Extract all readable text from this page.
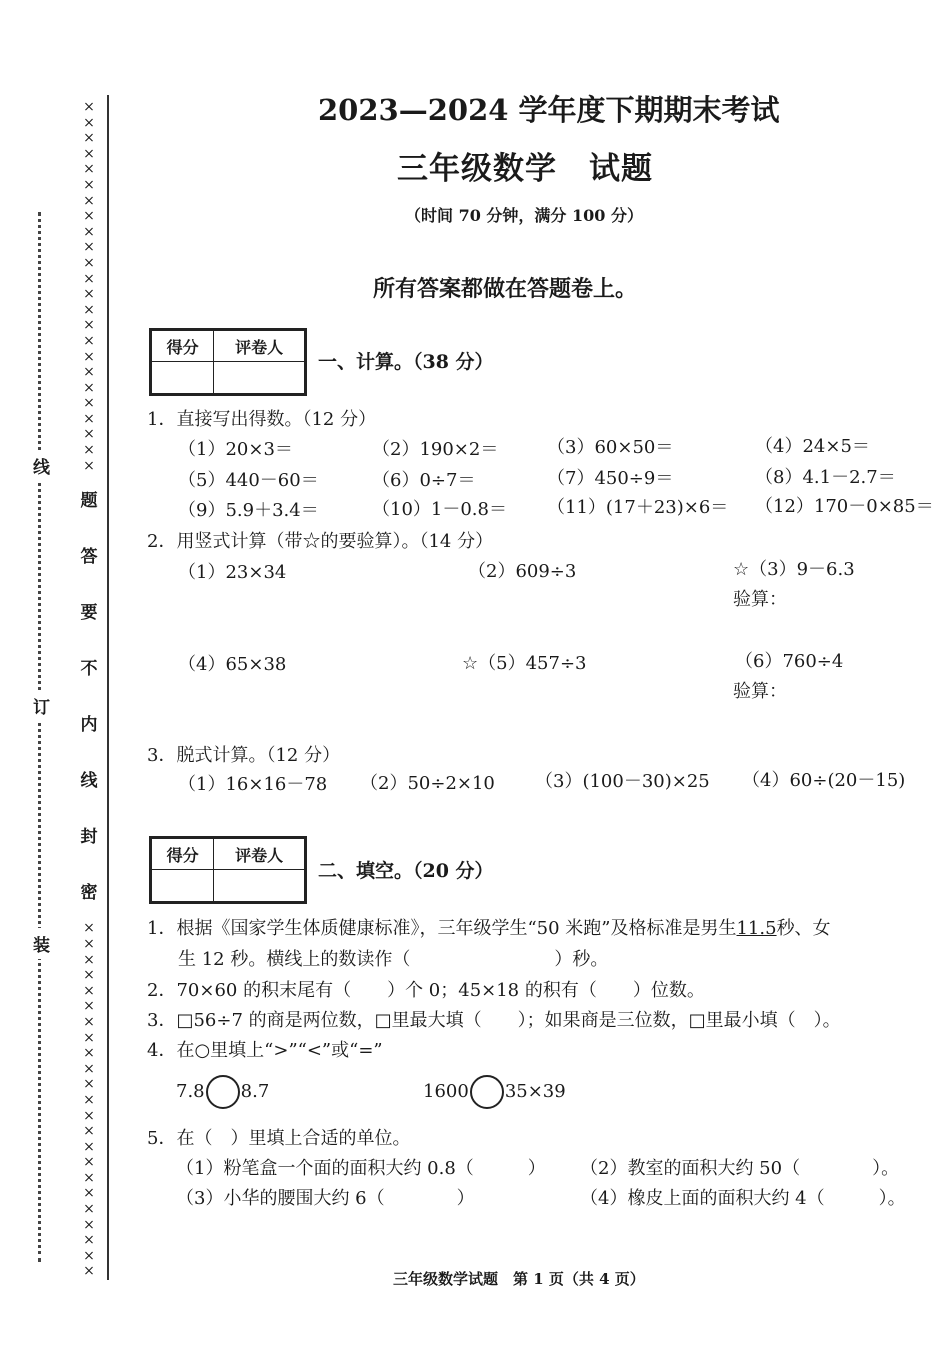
线
订
装
×
×
×
×
×
×
×
×
×
×
×
×
×
×
×
×
×
×
×
×
×
×
×
×
题
答
要
不
内
线
封
密
×
×
×
×
×
×
×
×
×
×
×
×
×
×
×
×
×
×
×
×
×
×
×
2023—2024 学年度下期期末考试
三年级数学　试题
（时间 70 分钟，满分 100 分）
所有答案都做在答题卷上。
得分	评卷人

一、计算。（38 分）
1．直接写出得数。（12 分）
（1）20×3＝	（2）190×2＝	（3）60×50＝	（4）24×5＝
（5）440－60＝	（6）0÷7＝	（7）450÷9＝	（8）4.1－2.7＝
（9）5.9＋3.4＝	（10）1－0.8＝ （11）(17＋23)×6＝ （12）170－0×85＝
2．用竖式计算（带☆的要验算）。（14 分）
（1）23×34	（2）609÷3	☆（3）9－6.3
验算：
（4）65×38	☆（5）457÷3	（6）760÷4
验算：
3．脱式计算。（12 分）
（1）16×16－78 （2）50÷2×10 （3）(100－30)×25 （4）60÷(20－15)
得分	评卷人

二、填空。（20 分）
1．根据《国家学生体质健康标准》，三年级学生“50 米跑”及格标准是男生11.5秒、女
生 12 秒。横线上的数读作（　　　　　　　　）秒。
2．70×60 的积末尾有（　　）个 0；45×18 的积有（　　）位数。
3．□56÷7 的商是两位数，□里最大填（　　）；如果商是三位数，□里最小填（　）。
4．在○里填上“>”“<”或“=”
7.8 8.7	1600 35×39
5．在（　）里填上合适的单位。
（1）粉笔盒一个面的面积大约 0.8（　　　） （2）教室的面积大约 50（　　　　）。
（3）小华的腰围大约 6（　　　　）	（4）橡皮上面的面积大约 4（　　　）。
三年级数学试题　第 1 页（共 4 页）
